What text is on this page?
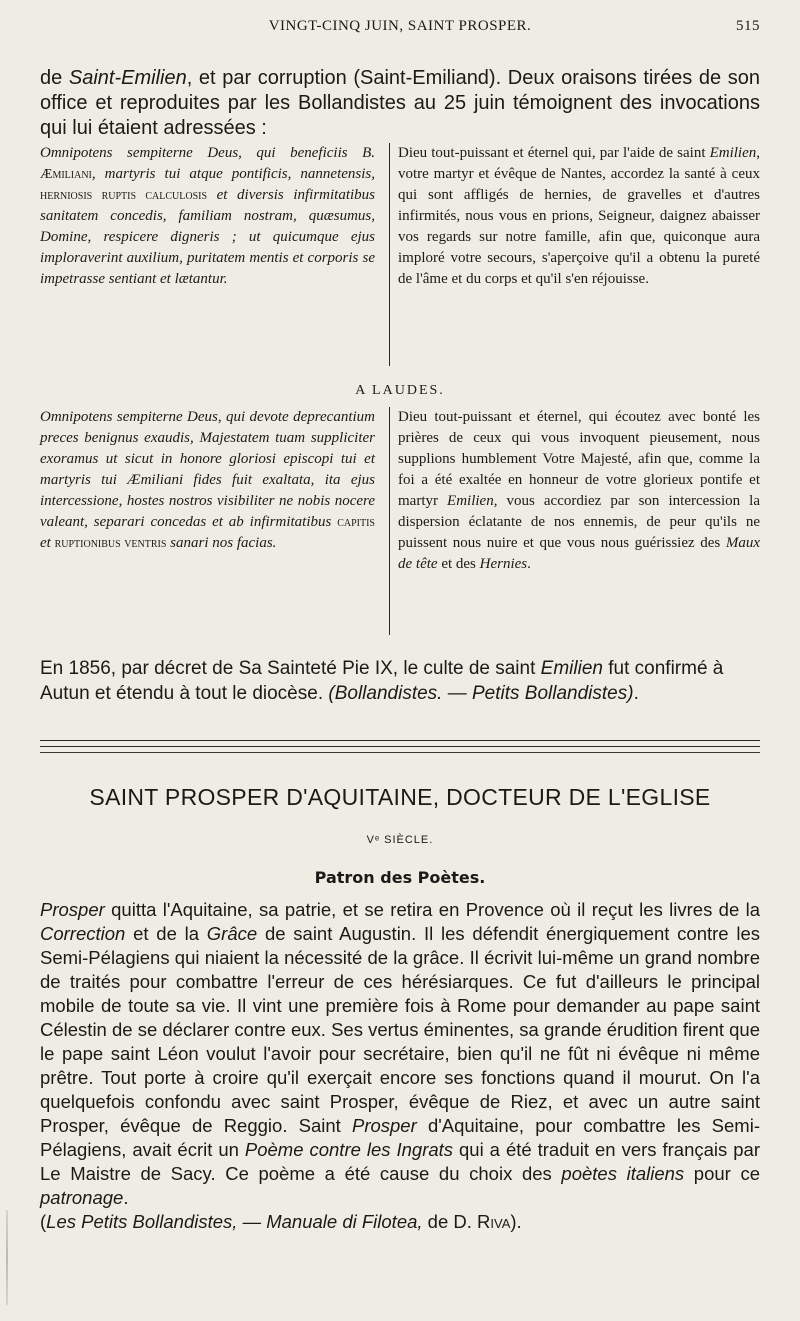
VINGT-CINQ JUIN, SAINT PROSPER.	515

de Saint-Emilien, et par corruption (Saint-Emiliand). Deux oraisons tirées de son office et reproduites par les Bollandistes au 25 juin témoignent des invocations qui lui étaient adressées :

Omnipotens sempiterne Deus, qui beneficiis B. Æmiliani, martyris tui atque pontificis, nannetensis, herniosis ruptis calculosis et diversis infirmitatibus sanitatem concedis, familiam nostram, quæsumus, Domine, respicere digneris ; ut quicumque ejus imploraverint auxilium, puritatem mentis et corporis se impetrasse sentiant et lætantur.

Dieu tout-puissant et éternel qui, par l'aide de saint Emilien, votre martyr et évêque de Nantes, accordez la santé à ceux qui sont affligés de hernies, de gravelles et d'autres infirmités, nous vous en prions, Seigneur, daignez abaisser vos regards sur notre famille, afin que, quiconque aura imploré votre secours, s'aperçoive qu'il a obtenu la pureté de l'âme et du corps et qu'il s'en réjouisse.

A LAUDES.

Omnipotens sempiterne Deus, qui devote deprecantium preces benignus exaudis, Majestatem tuam suppliciter exoramus ut sicut in honore gloriosi episcopi tui et martyris tui Æmiliani fides fuit exaltata, ita ejus intercessione, hostes nostros visibiliter ne nobis nocere valeant, separari concedas et ab infirmitatibus capitis et ruptionibus ventris sanari nos facias.

Dieu tout-puissant et éternel, qui écoutez avec bonté les prières de ceux qui vous invoquent pieusement, nous supplions humblement Votre Majesté, afin que, comme la foi a été exaltée en honneur de votre glorieux pontife et martyr Emilien, vous accordiez par son intercession la dispersion éclatante de nos ennemis, de peur qu'ils ne puissent nous nuire et que vous nous guérissiez des Maux de tête et des Hernies.

En 1856, par décret de Sa Sainteté Pie IX, le culte de saint Emilien fut confirmé à Autun et étendu à tout le diocèse. (Bollandistes. — Petits Bollandistes).

SAINT PROSPER D'AQUITAINE, DOCTEUR DE L'EGLISE
Vᵉ SIÈCLE.
Patron des Poètes.

Prosper quitta l'Aquitaine, sa patrie, et se retira en Provence où il reçut les livres de la Correction et de la Grâce de saint Augustin. Il les défendit énergiquement contre les Semi-Pélagiens qui niaient la nécessité de la grâce. Il écrivit lui-même un grand nombre de traités pour combattre l'erreur de ces hérésiarques. Ce fut d'ailleurs le principal mobile de toute sa vie. Il vint une première fois à Rome pour demander au pape saint Célestin de se déclarer contre eux. Ses vertus éminentes, sa grande érudition firent que le pape saint Léon voulut l'avoir pour secrétaire, bien qu'il ne fût ni évêque ni même prêtre. Tout porte à croire qu'il exerçait encore ses fonctions quand il mourut. On l'a quelquefois confondu avec saint Prosper, évêque de Riez, et avec un autre saint Prosper, évêque de Reggio. Saint Prosper d'Aquitaine, pour combattre les Semi-Pélagiens, avait écrit un Poème contre les Ingrats qui a été traduit en vers français par Le Maistre de Sacy. Ce poème a été cause du choix des poètes italiens pour ce patronage.
(Les Petits Bollandistes, — Manuale di Filotea, de D. Riva).
